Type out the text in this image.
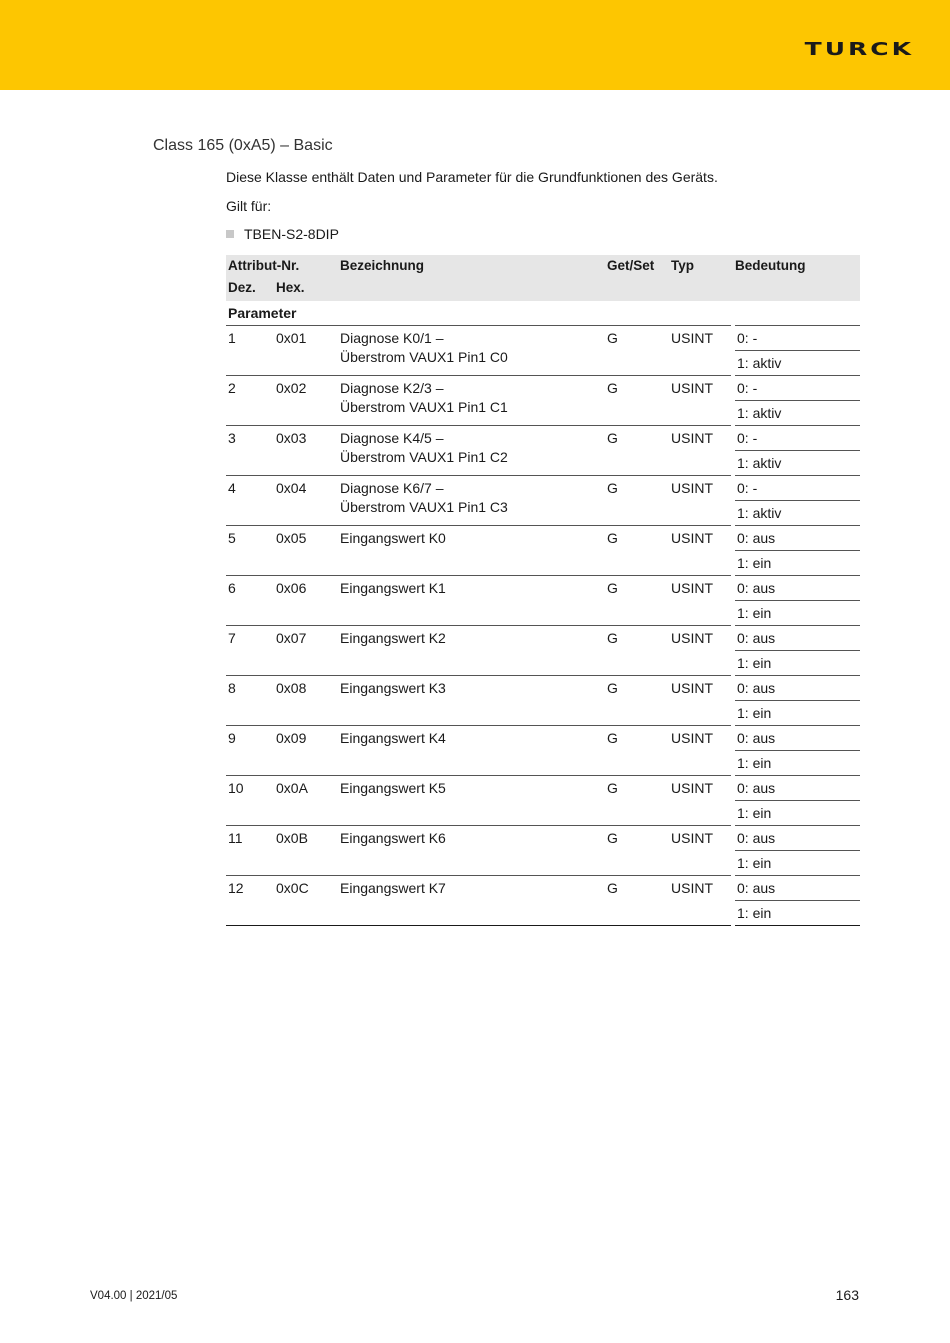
TURCK
Class 165 (0xA5) – Basic
Diese Klasse enthält Daten und Parameter für die Grundfunktionen des Geräts.
Gilt für:
TBEN-S2-8DIP
Attribut-Nr.		Bezeichnung	Get/Set	Typ	Bedeutung
Dez.	Hex.				
Parameter					
1	0x01	Diagnose K0/1 –
Überstrom VAUX1 Pin1 C0	G	USINT	0: -
					1: aktiv
2	0x02	Diagnose K2/3 –
Überstrom VAUX1 Pin1 C1	G	USINT	0: -
					1: aktiv
3	0x03	Diagnose K4/5 –
Überstrom VAUX1 Pin1 C2	G	USINT	0: -
					1: aktiv
4	0x04	Diagnose K6/7 –
Überstrom VAUX1 Pin1 C3	G	USINT	0: -
					1: aktiv
5	0x05	Eingangswert K0	G	USINT	0: aus
					1: ein
6	0x06	Eingangswert K1	G	USINT	0: aus
					1: ein
7	0x07	Eingangswert K2	G	USINT	0: aus
					1: ein
8	0x08	Eingangswert K3	G	USINT	0: aus
					1: ein
9	0x09	Eingangswert K4	G	USINT	0: aus
					1: ein
10	0x0A	Eingangswert K5	G	USINT	0: aus
					1: ein
11	0x0B	Eingangswert K6	G	USINT	0: aus
					1: ein
12	0x0C	Eingangswert K7	G	USINT	0: aus
					1: ein
V04.00 | 2021/05	163
